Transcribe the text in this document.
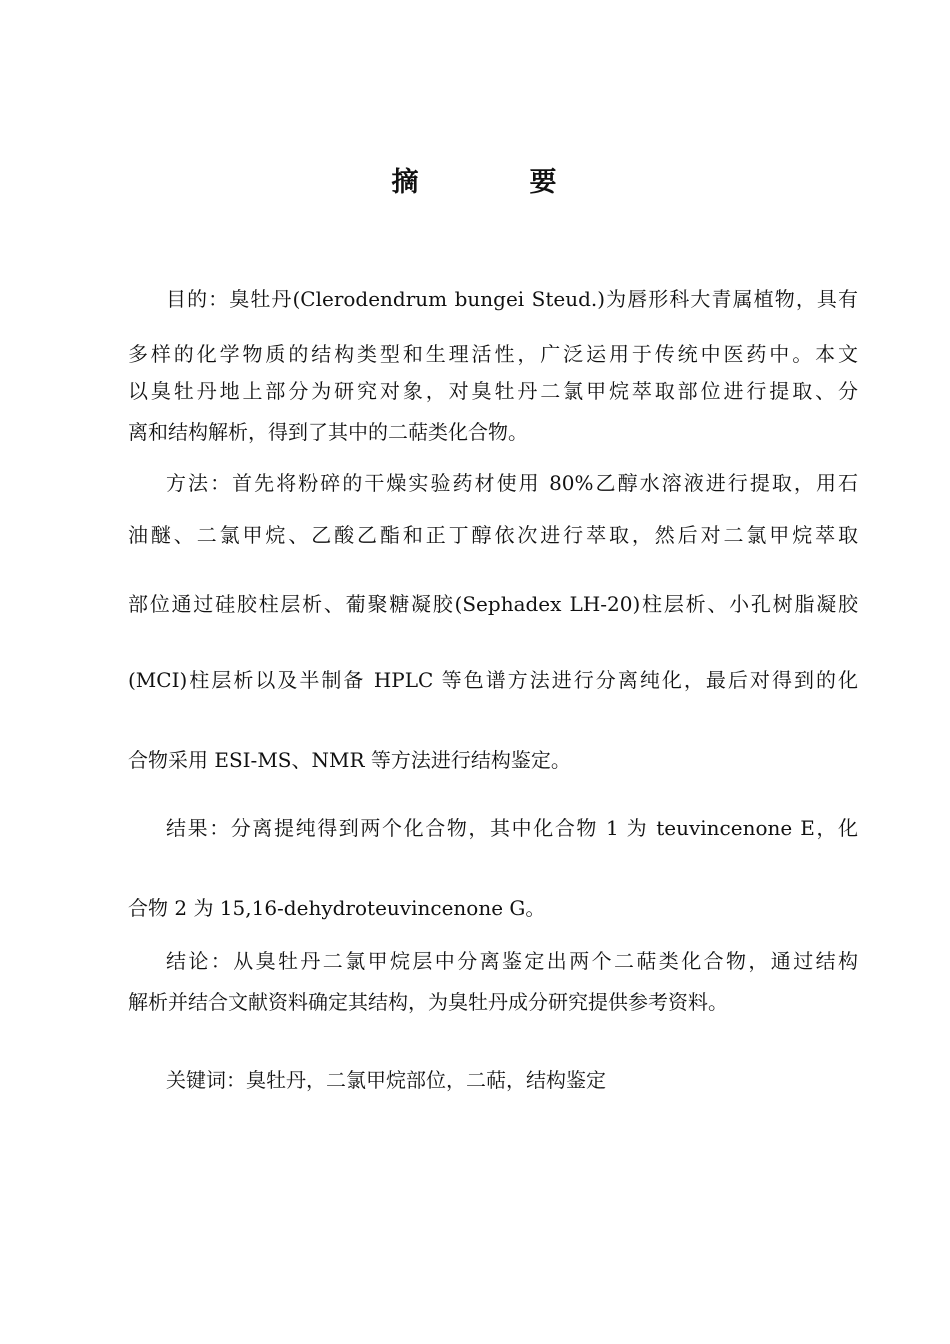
摘　要
目的：臭牡丹(Clerodendrum bungei Steud.)为唇形科大青属植物，具有
多样的化学物质的结构类型和生理活性，广泛运用于传统中医药中。本文
以臭牡丹地上部分为研究对象，对臭牡丹二氯甲烷萃取部位进行提取、分
离和结构解析，得到了其中的二萜类化合物。
方法：首先将粉碎的干燥实验药材使用 80%乙醇水溶液进行提取，用石
油醚、二氯甲烷、乙酸乙酯和正丁醇依次进行萃取，然后对二氯甲烷萃取
部位通过硅胶柱层析、葡聚糖凝胶(Sephadex LH-20)柱层析、小孔树脂凝胶
(MCI)柱层析以及半制备 HPLC 等色谱方法进行分离纯化，最后对得到的化
合物采用 ESI-MS、NMR 等方法进行结构鉴定。
结果：分离提纯得到两个化合物，其中化合物 1 为 teuvincenone E，化
合物 2 为 15,16-dehydroteuvincenone G。
结论：从臭牡丹二氯甲烷层中分离鉴定出两个二萜类化合物，通过结构
解析并结合文献资料确定其结构，为臭牡丹成分研究提供参考资料。
关键词：臭牡丹，二氯甲烷部位，二萜，结构鉴定
